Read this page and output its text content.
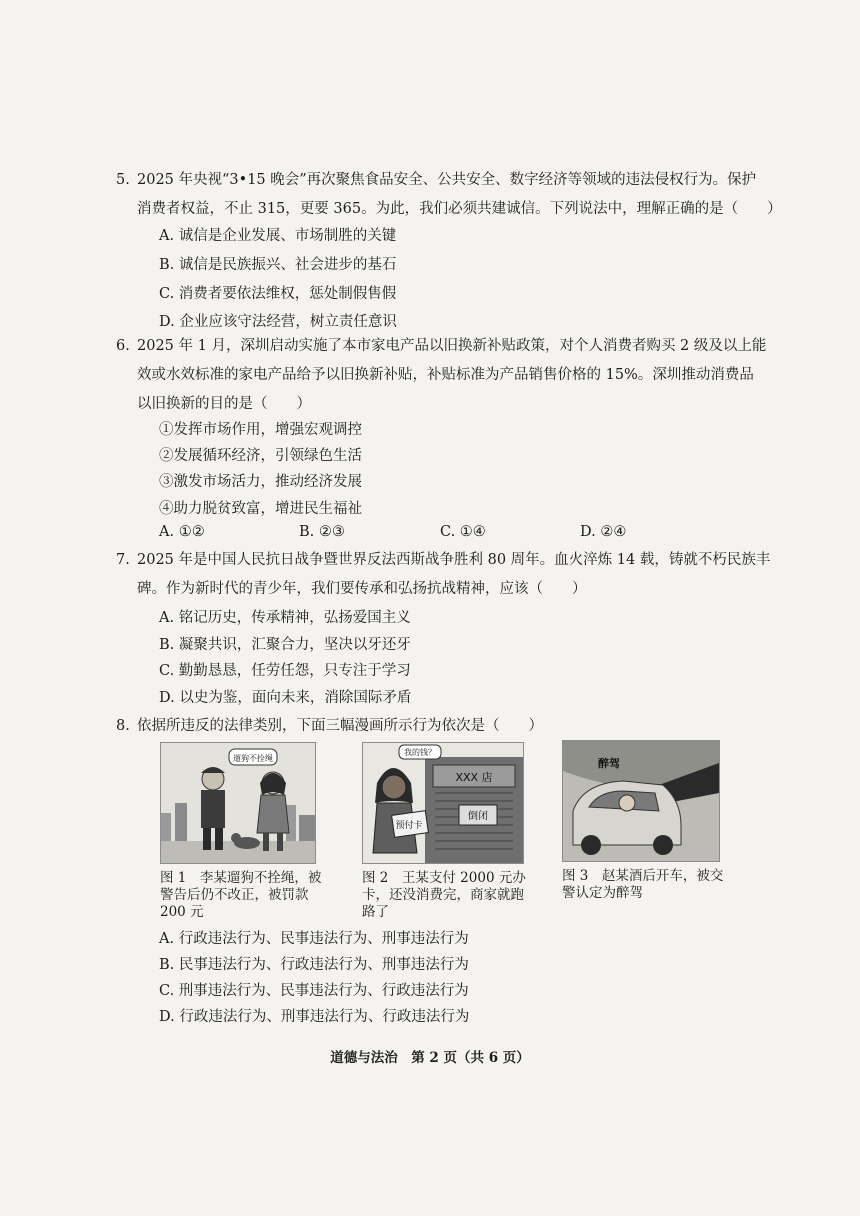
5. 2025 年央视“3•15 晚会”再次聚焦食品安全、公共安全、数字经济等领域的违法侵权行为。保护
消费者权益，不止 315，更要 365。为此，我们必须共建诚信。下列说法中，理解正确的是（　　）
A. 诚信是企业发展、市场制胜的关键
B. 诚信是民族振兴、社会进步的基石
C. 消费者要依法维权，惩处制假售假
D. 企业应该守法经营，树立责任意识
6. 2025 年 1 月，深圳启动实施了本市家电产品以旧换新补贴政策，对个人消费者购买 2 级及以上能
效或水效标准的家电产品给予以旧换新补贴，补贴标准为产品销售价格的 15%。深圳推动消费品
以旧换新的目的是（　　）
①发挥市场作用，增强宏观调控
②发展循环经济，引领绿色生活
③激发市场活力，推动经济发展
④助力脱贫致富，增进民生福祉
A. ①②	B. ②③	C. ①④	D. ②④
7. 2025 年是中国人民抗日战争暨世界反法西斯战争胜利 80 周年。血火淬炼 14 载，铸就不朽民族丰
碑。作为新时代的青少年，我们要传承和弘扬抗战精神，应该（　　）
A. 铭记历史，传承精神，弘扬爱国主义
B. 凝聚共识，汇聚合力，坚决以牙还牙
C. 勤勤恳恳，任劳任怨，只专注于学习
D. 以史为鉴，面向未来，消除国际矛盾
8. 依据所违反的法律类别，下面三幅漫画所示行为依次是（　　）
遛狗不拴绳
图 1　李某遛狗不拴绳，被警告后仍不改正，被罚款 200 元
XXX 店
倒闭
预付卡
我的钱？
图 2　王某支付 2000 元办卡，还没消费完，商家就跑路了
醉驾
图 3　赵某酒后开车，被交警认定为醉驾
A. 行政违法行为、民事违法行为、刑事违法行为
B. 民事违法行为、行政违法行为、刑事违法行为
C. 刑事违法行为、民事违法行为、行政违法行为
D. 行政违法行为、刑事违法行为、行政违法行为
道德与法治　第 2 页（共 6 页）
